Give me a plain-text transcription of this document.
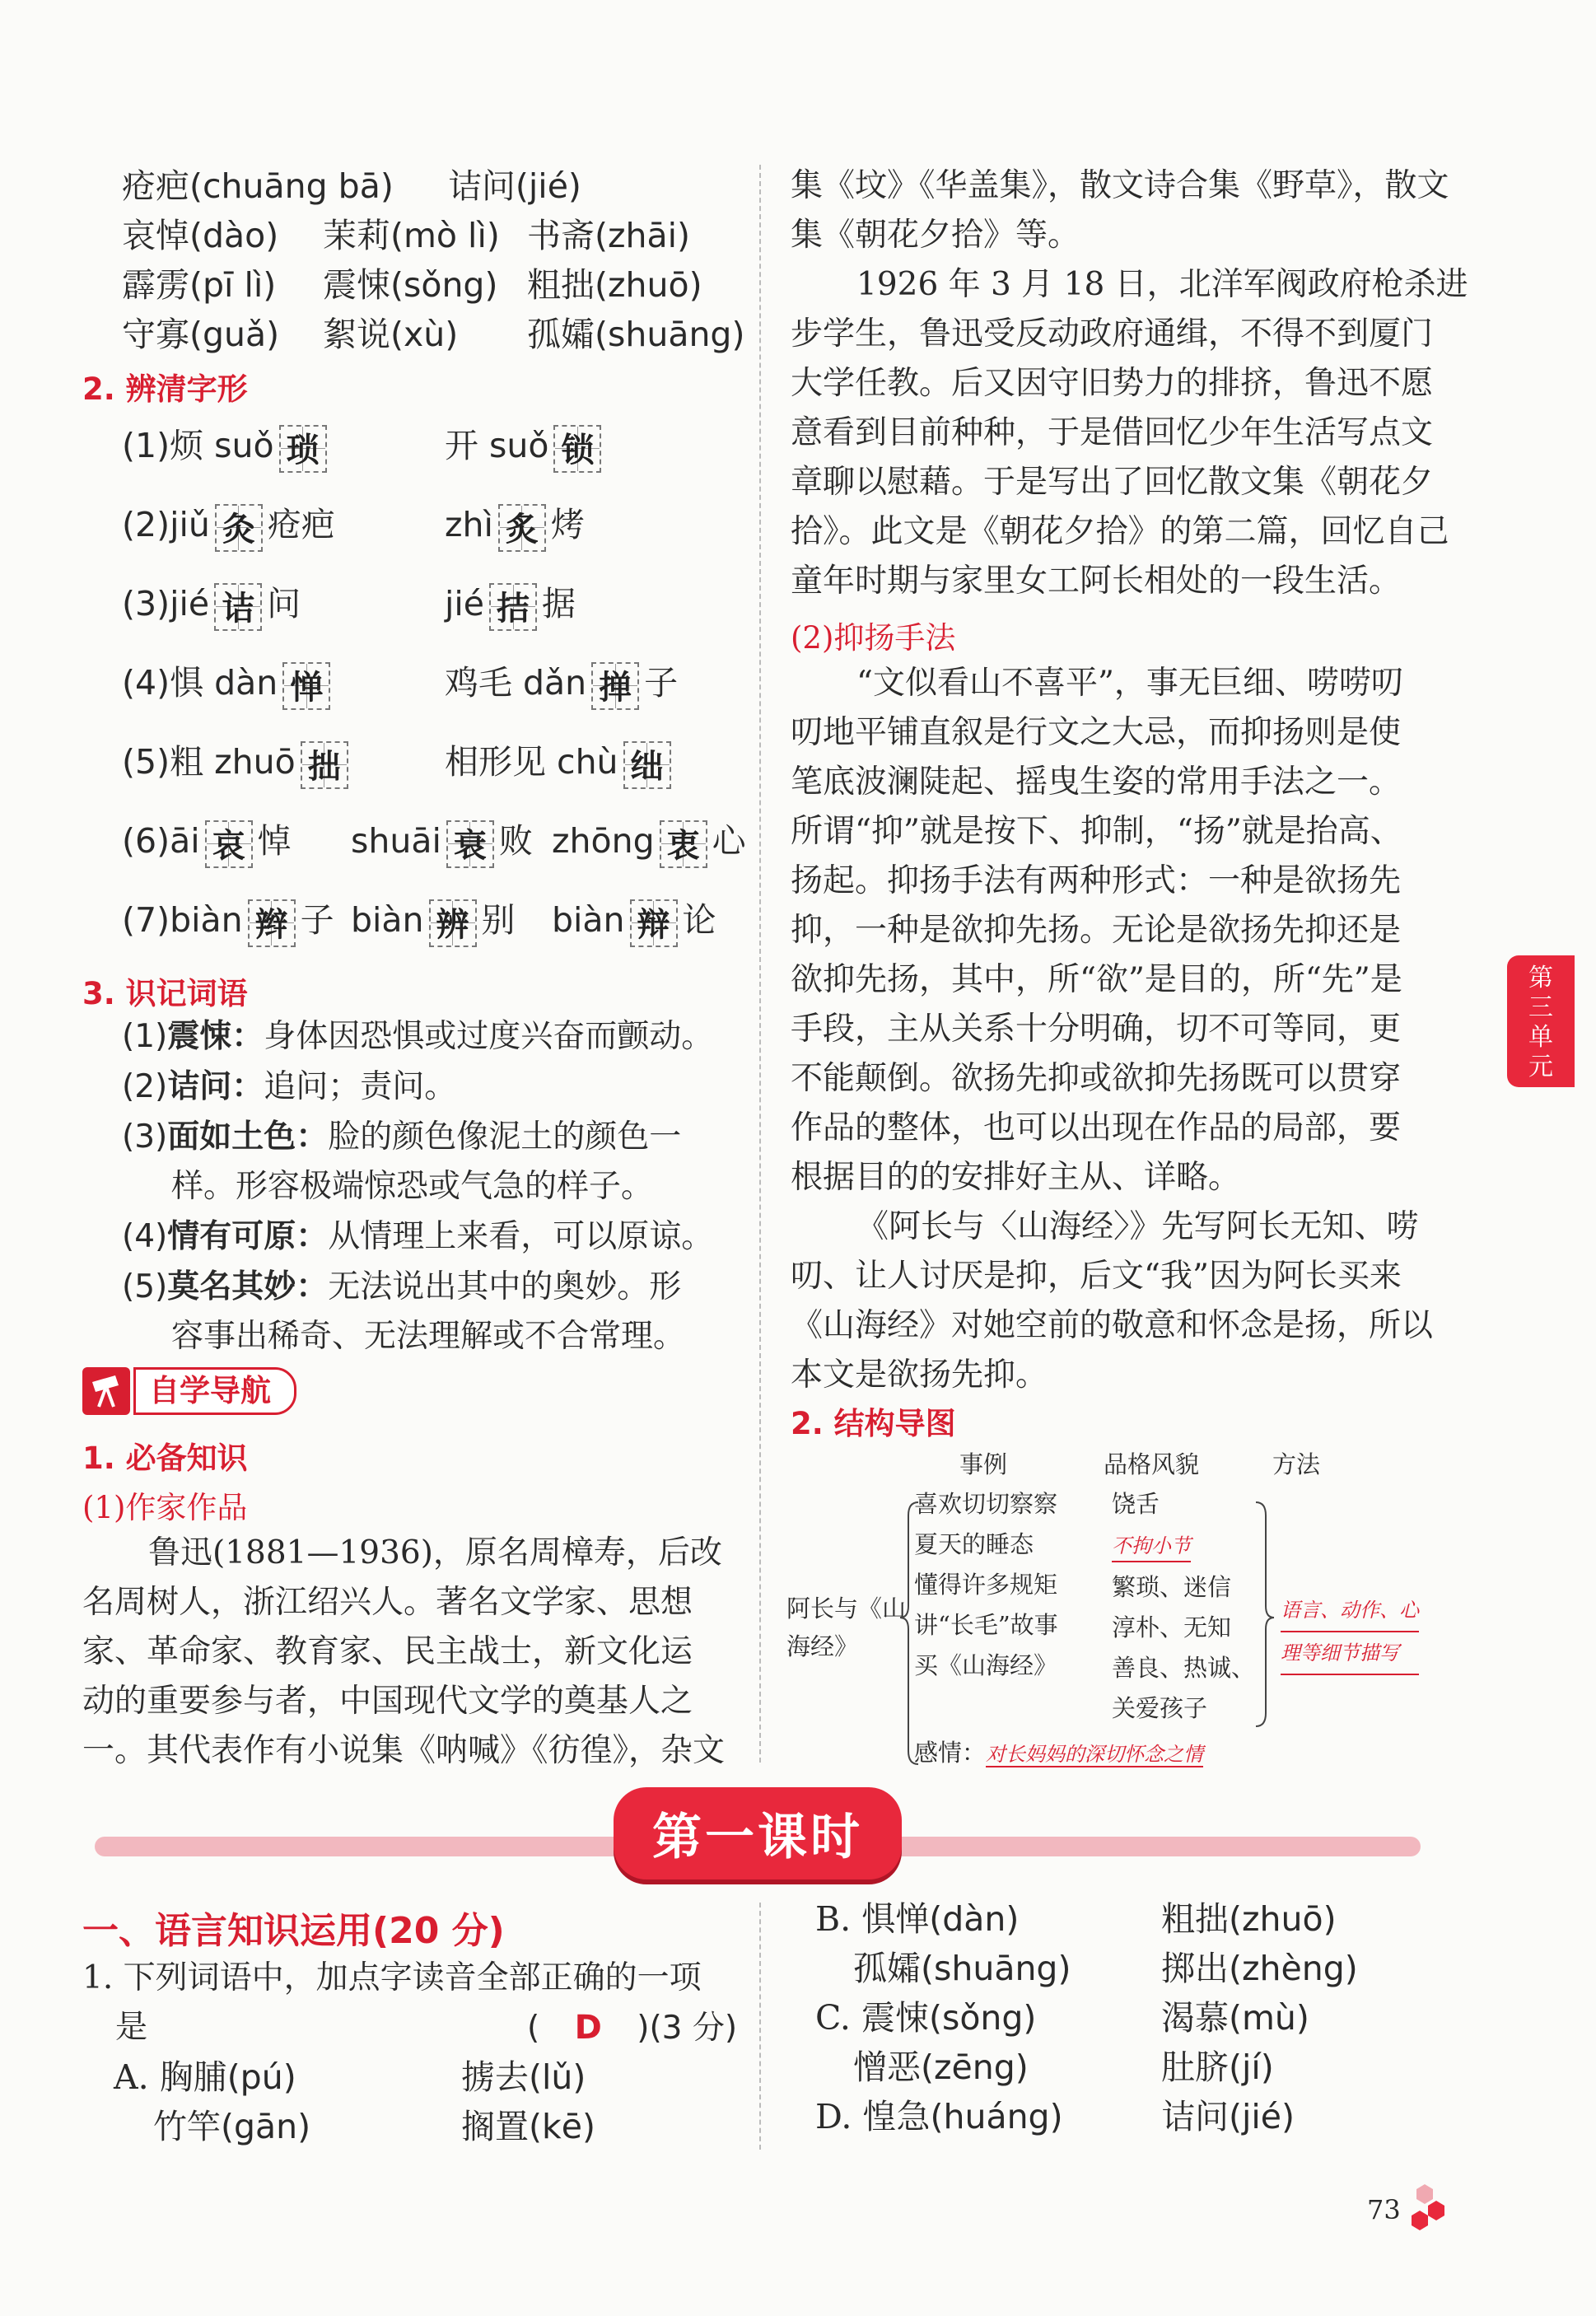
疮疤(chuāng bā) 诘问(jié)
哀悼(dào) 茉莉(mò lì) 书斋(zhāi)
霹雳(pī lì) 震悚(sǒng) 粗拙(zhuō)
守寡(guǎ) 絮说(xù) 孤孀(shuāng)
2. 辨清字形
(1)烦 suǒ 琐	开 suǒ 锁
(2)jiǔ 灸 疮疤	zhì 炙 烤
(3)jié 诘 问	jié 拮 据
(4)惧 dàn 惮	鸡毛 dǎn 掸 子
(5)粗 zhuō 拙	相形见 chù 绌
(6)āi 哀 悼 shuāi 衰 败 zhōng 衷 心
(7)biàn 辫 子 biàn 辨 别 biàn 辩 论
3. 识记词语
(1)震悚：身体因恐惧或过度兴奋而颤动。
(2)诘问：追问；责问。
(3)面如土色：脸的颜色像泥土的颜色一
样。形容极端惊恐或气急的样子。
(4)情有可原：从情理上来看，可以原谅。
(5)莫名其妙：无法说出其中的奥妙。形
容事出稀奇、无法理解或不合常理。
自学导航
1. 必备知识
(1)作家作品
鲁迅(1881—1936)，原名周樟寿，后改
名周树人，浙江绍兴人。著名文学家、思想
家、革命家、教育家、民主战士，新文化运
动的重要参与者，中国现代文学的奠基人之
一。其代表作有小说集《呐喊》《彷徨》，杂文
集《坟》《华盖集》，散文诗合集《野草》，散文
集《朝花夕拾》等。
1926 年 3 月 18 日，北洋军阀政府枪杀进
步学生，鲁迅受反动政府通缉，不得不到厦门
大学任教。后又因守旧势力的排挤，鲁迅不愿
意看到目前种种，于是借回忆少年生活写点文
章聊以慰藉。于是写出了回忆散文集《朝花夕
拾》。此文是《朝花夕拾》的第二篇，回忆自己
童年时期与家里女工阿长相处的一段生活。
(2)抑扬手法
“文似看山不喜平”，事无巨细、唠唠叨
叨地平铺直叙是行文之大忌，而抑扬则是使
笔底波澜陡起、摇曳生姿的常用手法之一。
所谓“抑”就是按下、抑制，“扬”就是抬高、
扬起。抑扬手法有两种形式：一种是欲扬先
抑，一种是欲抑先扬。无论是欲扬先抑还是
欲抑先扬，其中，所“欲”是目的，所“先”是
手段，主从关系十分明确，切不可等同，更
不能颠倒。欲扬先抑或欲抑先扬既可以贯穿
作品的整体，也可以出现在作品的局部，要
根据目的的安排好主从、详略。
《阿长与〈山海经〉》先写阿长无知、唠
叨、让人讨厌是抑，后文“我”因为阿长买来
《山海经》对她空前的敬意和怀念是扬，所以
本文是欲扬先抑。
2. 结构导图
事例	品格风貌	方法
阿长与《山
海经》
喜欢切切察察
夏天的睡态
懂得许多规矩
讲“长毛”故事
买《山海经》
饶舌
不拘小节
繁琐、迷信
淳朴、无知
善良、热诚、
关爱孩子
语言、动作、心
理等细节描写
感情：对长妈妈的深切怀念之情
第三单元
第一课时
一、语言知识运用(20 分)
1. 下列词语中，加点字读音全部正确的一项
是	( D )(3 分)
A. 胸脯(pú)	掳去(lǔ)
竹竿(gān)	搁置(kē)
B. 惧惮(dàn)	粗拙(zhuō)
孤孀(shuāng)	掷出(zhèng)
C. 震悚(sǒng)	渴慕(mù)
憎恶(zēng)	肚脐(jí)
D. 惶急(huáng)	诘问(jié)
73
